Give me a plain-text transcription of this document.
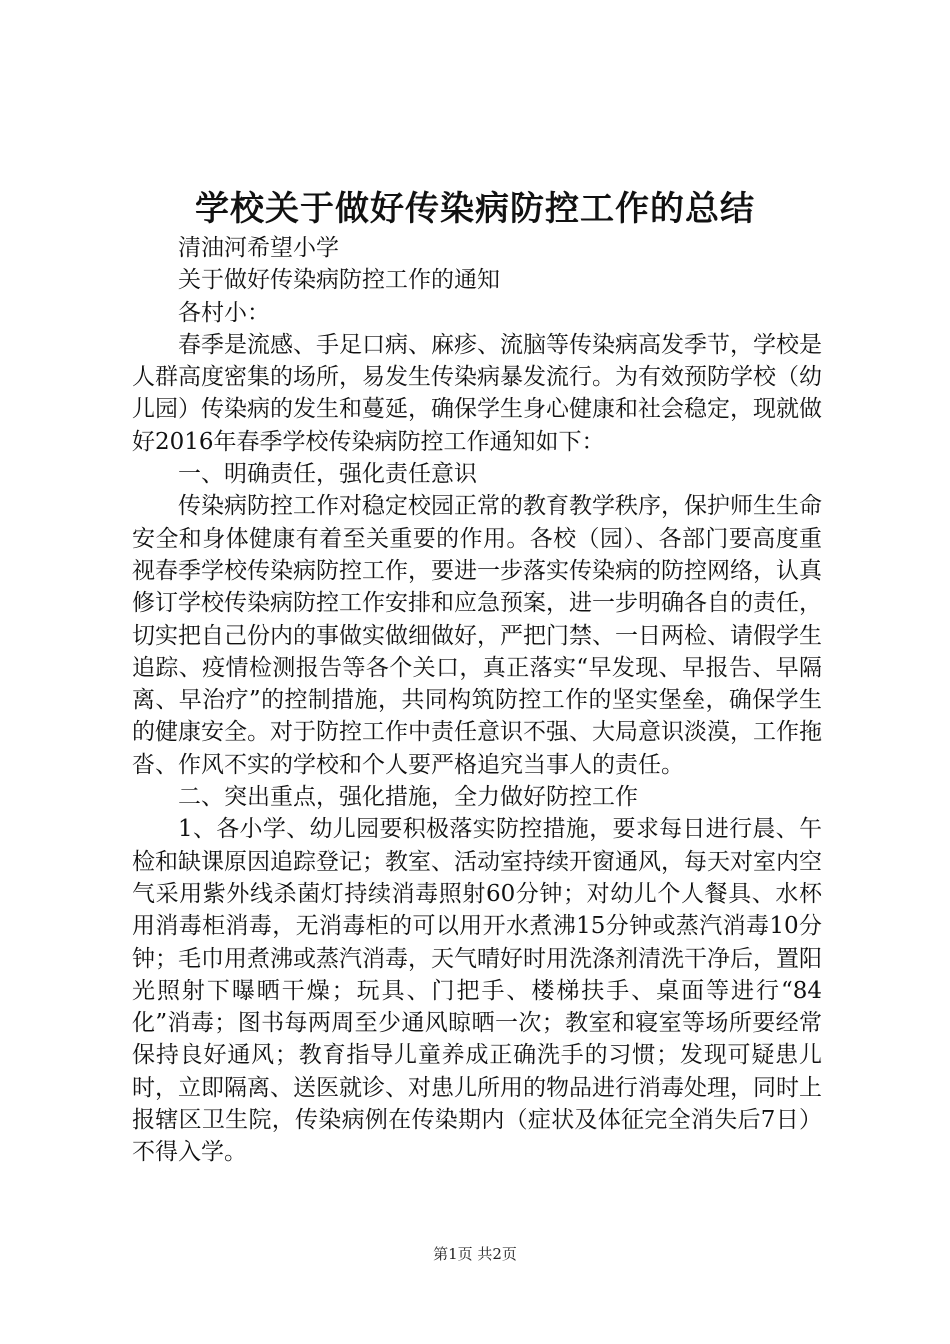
学校关于做好传染病防控工作的总结

清油河希望小学

关于做好传染病防控工作的通知

各村小：

春季是流感、手足口病、麻疹、流脑等传染病高发季节，学校是人群高度密集的场所，易发生传染病暴发流行。为有效预防学校（幼儿园）传染病的发生和蔓延，确保学生身心健康和社会稳定，现就做好2016年春季学校传染病防控工作通知如下：

一、明确责任，强化责任意识

传染病防控工作对稳定校园正常的教育教学秩序，保护师生生命安全和身体健康有着至关重要的作用。各校（园）、各部门要高度重视春季学校传染病防控工作，要进一步落实传染病的防控网络，认真修订学校传染病防控工作安排和应急预案，进一步明确各自的责任，切实把自己份内的事做实做细做好，严把门禁、一日两检、请假学生追踪、疫情检测报告等各个关口，真正落实“早发现、早报告、早隔离、早治疗”的控制措施，共同构筑防控工作的坚实堡垒，确保学生的健康安全。对于防控工作中责任意识不强、大局意识淡漠，工作拖沓、作风不实的学校和个人要严格追究当事人的责任。

二、突出重点，强化措施，全力做好防控工作

1、各小学、幼儿园要积极落实防控措施，要求每日进行晨、午检和缺课原因追踪登记；教室、活动室持续开窗通风，每天对室内空气采用紫外线杀菌灯持续消毒照射60分钟；对幼儿个人餐具、水杯用消毒柜消毒，无消毒柜的可以用开水煮沸15分钟或蒸汽消毒10分钟；毛巾用煮沸或蒸汽消毒，天气晴好时用洗涤剂清洗干净后，置阳光照射下曝晒干燥；玩具、门把手、楼梯扶手、桌面等进行“84化”消毒；图书每两周至少通风晾晒一次；教室和寝室等场所要经常保持良好通风；教育指导儿童养成正确洗手的习惯；发现可疑患儿时，立即隔离、送医就诊、对患儿所用的物品进行消毒处理，同时上报辖区卫生院，传染病例在传染期内（症状及体征完全消失后7日）不得入学。

第1页 共2页
